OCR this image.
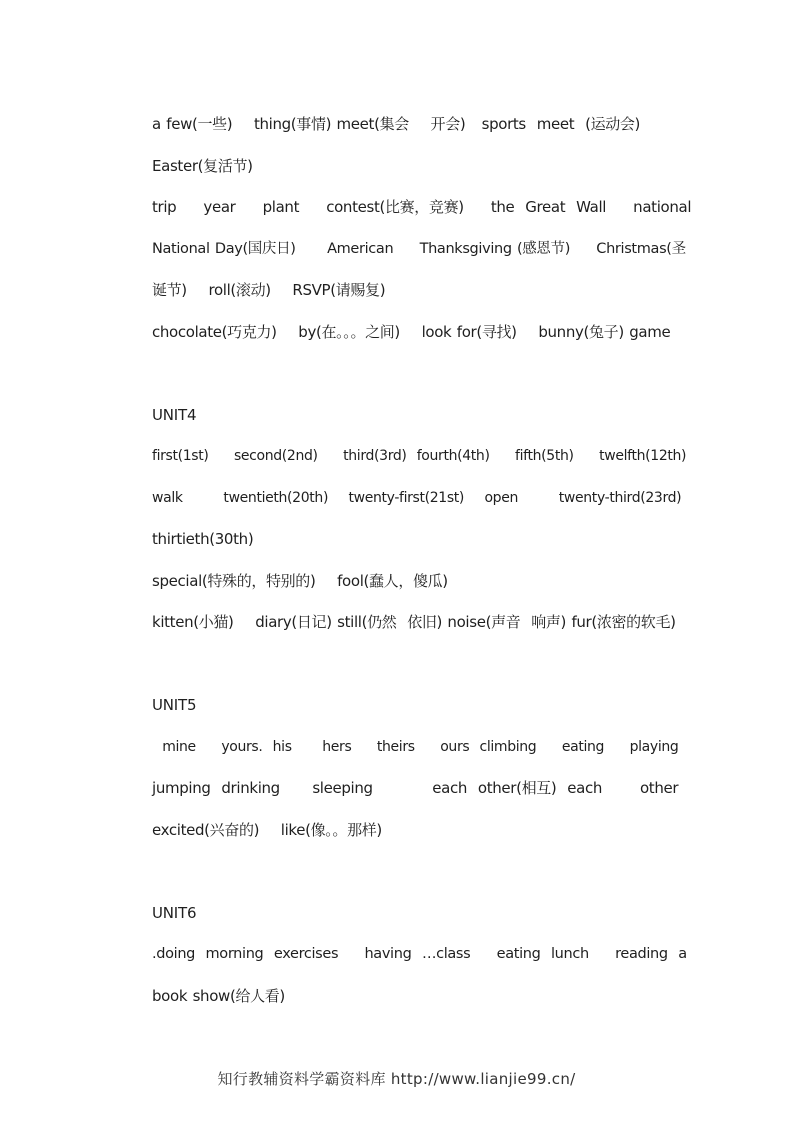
a few(一些)    thing(事情) meet(集会    开会)   sports  meet  (运动会)
Easter(复活节)
trip     year     plant     contest(比赛，竞赛)     the  Great  Wall     national
National Day(国庆日)      American     Thanksgiving (感恩节)     Christmas(圣
诞节)    roll(滚动)    RSVP(请赐复)
chocolate(巧克力)    by(在。。。之间)    look for(寻找)    bunny(兔子) game
UNIT4
first(1st)     second(2nd)     third(3rd)  fourth(4th)     fifth(5th)     twelfth(12th)
walk        twentieth(20th)    twenty-first(21st)    open        twenty-third(23rd)
thirtieth(30th)
special(特殊的，特别的)    fool(蠢人，傻瓜)
kitten(小猫)    diary(日记) still(仍然  依旧) noise(声音  响声) fur(浓密的软毛)
UNIT5
mine     yours.  his      hers     theirs     ours  climbing     eating     playing
jumping  drinking      sleeping           each  other(相互)  each       other
excited(兴奋的)    like(像。。那样)
UNIT6
.doing  morning  exercises     having  …class     eating  lunch     reading  a
book show(给人看)
知行教辅资料学霸资料库 http://www.lianjie99.cn/
